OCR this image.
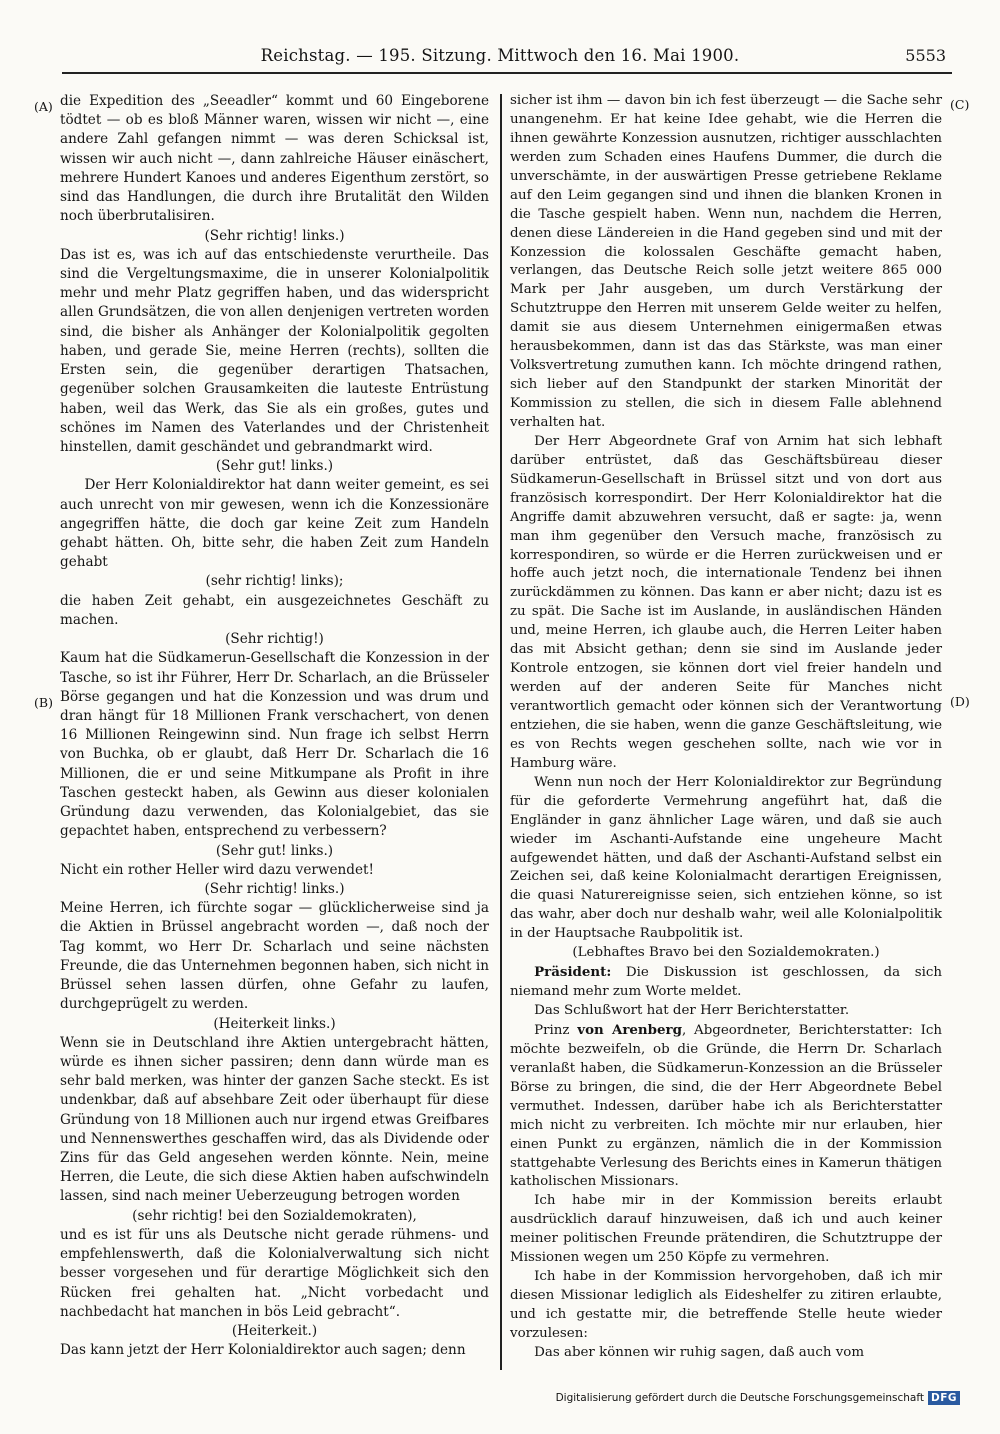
Reichstag. — 195. Sitzung. Mittwoch den 16. Mai 1900.	5553
(A)
(B)
(C)
(D)

die Expedition des „Seeadler“ kommt und 60 Eingeborene tödtet — ob es bloß Männer waren, wissen wir nicht —, eine andere Zahl gefangen nimmt — was deren Schicksal ist, wissen wir auch nicht —, dann zahlreiche Häuser einäschert, mehrere Hundert Kanoes und anderes Eigenthum zerstört, so sind das Handlungen, die durch ihre Brutalität den Wilden noch überbrutalisiren.

(Sehr richtig! links.)

Das ist es, was ich auf das entschiedenste verurtheile. Das sind die Vergeltungsmaxime, die in unserer Kolonialpolitik mehr und mehr Platz gegriffen haben, und das widerspricht allen Grundsätzen, die von allen denjenigen vertreten worden sind, die bisher als Anhänger der Kolonialpolitik gegolten haben, und gerade Sie, meine Herren (rechts), sollten die Ersten sein, die gegenüber derartigen Thatsachen, gegenüber solchen Grausamkeiten die lauteste Entrüstung haben, weil das Werk, das Sie als ein großes, gutes und schönes im Namen des Vaterlandes und der Christenheit hinstellen, damit geschändet und gebrandmarkt wird.

(Sehr gut! links.)

Der Herr Kolonialdirektor hat dann weiter gemeint, es sei auch unrecht von mir gewesen, wenn ich die Konzessionäre angegriffen hätte, die doch gar keine Zeit zum Handeln gehabt hätten. Oh, bitte sehr, die haben Zeit zum Handeln gehabt

(sehr richtig! links);

die haben Zeit gehabt, ein ausgezeichnetes Geschäft zu machen.

(Sehr richtig!)

Kaum hat die Südkamerun-Gesellschaft die Konzession in der Tasche, so ist ihr Führer, Herr Dr. Scharlach, an die Brüsseler Börse gegangen und hat die Konzession und was drum und dran hängt für 18 Millionen Frank verschachert, von denen 16 Millionen Reingewinn sind. Nun frage ich selbst Herrn von Buchka, ob er glaubt, daß Herr Dr. Scharlach die 16 Millionen, die er und seine Mitkumpane als Profit in ihre Taschen gesteckt haben, als Gewinn aus dieser kolonialen Gründung dazu verwenden, das Kolonialgebiet, das sie gepachtet haben, entsprechend zu verbessern?

(Sehr gut! links.)

Nicht ein rother Heller wird dazu verwendet!

(Sehr richtig! links.)

Meine Herren, ich fürchte sogar — glücklicherweise sind ja die Aktien in Brüssel angebracht worden —, daß noch der Tag kommt, wo Herr Dr. Scharlach und seine nächsten Freunde, die das Unternehmen begonnen haben, sich nicht in Brüssel sehen lassen dürfen, ohne Gefahr zu laufen, durchgeprügelt zu werden.

(Heiterkeit links.)

Wenn sie in Deutschland ihre Aktien untergebracht hätten, würde es ihnen sicher passiren; denn dann würde man es sehr bald merken, was hinter der ganzen Sache steckt. Es ist undenkbar, daß auf absehbare Zeit oder überhaupt für diese Gründung von 18 Millionen auch nur irgend etwas Greifbares und Nennenswerthes geschaffen wird, das als Dividende oder Zins für das Geld angesehen werden könnte. Nein, meine Herren, die Leute, die sich diese Aktien haben aufschwindeln lassen, sind nach meiner Ueberzeugung betrogen worden

(sehr richtig! bei den Sozialdemokraten),

und es ist für uns als Deutsche nicht gerade rühmens- und empfehlenswerth, daß die Kolonialverwaltung sich nicht besser vorgesehen und für derartige Möglichkeit sich den Rücken frei gehalten hat. „Nicht vorbedacht und nachbedacht hat manchen in bös Leid gebracht“.

(Heiterkeit.)

Das kann jetzt der Herr Kolonialdirektor auch sagen; denn

sicher ist ihm — davon bin ich fest überzeugt — die Sache sehr unangenehm. Er hat keine Idee gehabt, wie die Herren die ihnen gewährte Konzession ausnutzen, richtiger ausschlachten werden zum Schaden eines Haufens Dummer, die durch die unverschämte, in der auswärtigen Presse getriebene Reklame auf den Leim gegangen sind und ihnen die blanken Kronen in die Tasche gespielt haben. Wenn nun, nachdem die Herren, denen diese Ländereien in die Hand gegeben sind und mit der Konzession die kolossalen Geschäfte gemacht haben, verlangen, das Deutsche Reich solle jetzt weitere 865 000 Mark per Jahr ausgeben, um durch Verstärkung der Schutztruppe den Herren mit unserem Gelde weiter zu helfen, damit sie aus diesem Unternehmen einigermaßen etwas herausbekommen, dann ist das das Stärkste, was man einer Volksvertretung zumuthen kann. Ich möchte dringend rathen, sich lieber auf den Standpunkt der starken Minorität der Kommission zu stellen, die sich in diesem Falle ablehnend verhalten hat.

Der Herr Abgeordnete Graf von Arnim hat sich lebhaft darüber entrüstet, daß das Geschäftsbüreau dieser Südkamerun-Gesellschaft in Brüssel sitzt und von dort aus französisch korrespondirt. Der Herr Kolonialdirektor hat die Angriffe damit abzuwehren versucht, daß er sagte: ja, wenn man ihm gegenüber den Versuch mache, französisch zu korrespondiren, so würde er die Herren zurückweisen und er hoffe auch jetzt noch, die internationale Tendenz bei ihnen zurückdämmen zu können. Das kann er aber nicht; dazu ist es zu spät. Die Sache ist im Auslande, in ausländischen Händen und, meine Herren, ich glaube auch, die Herren Leiter haben das mit Absicht gethan; denn sie sind im Auslande jeder Kontrole entzogen, sie können dort viel freier handeln und werden auf der anderen Seite für Manches nicht verantwortlich gemacht oder können sich der Verantwortung entziehen, die sie haben, wenn die ganze Geschäftsleitung, wie es von Rechts wegen geschehen sollte, nach wie vor in Hamburg wäre.

Wenn nun noch der Herr Kolonialdirektor zur Begründung für die geforderte Vermehrung angeführt hat, daß die Engländer in ganz ähnlicher Lage wären, und daß sie auch wieder im Aschanti-Aufstande eine ungeheure Macht aufgewendet hätten, und daß der Aschanti-Aufstand selbst ein Zeichen sei, daß keine Kolonialmacht derartigen Ereignissen, die quasi Naturereignisse seien, sich entziehen könne, so ist das wahr, aber doch nur deshalb wahr, weil alle Kolonialpolitik in der Hauptsache Raubpolitik ist.

(Lebhaftes Bravo bei den Sozialdemokraten.)

Präsident: Die Diskussion ist geschlossen, da sich niemand mehr zum Worte meldet.

Das Schlußwort hat der Herr Berichterstatter.

Prinz von Arenberg, Abgeordneter, Berichterstatter: Ich möchte bezweifeln, ob die Gründe, die Herrn Dr. Scharlach veranlaßt haben, die Südkamerun-Konzession an die Brüsseler Börse zu bringen, die sind, die der Herr Abgeordnete Bebel vermuthet. Indessen, darüber habe ich als Berichterstatter mich nicht zu verbreiten. Ich möchte mir nur erlauben, hier einen Punkt zu ergänzen, nämlich die in der Kommission stattgehabte Verlesung des Berichts eines in Kamerun thätigen katholischen Missionars.

Ich habe mir in der Kommission bereits erlaubt ausdrücklich darauf hinzuweisen, daß ich und auch keiner meiner politischen Freunde prätendiren, die Schutztruppe der Missionen wegen um 250 Köpfe zu vermehren.

Ich habe in der Kommission hervorgehoben, daß ich mir diesen Missionar lediglich als Eideshelfer zu zitiren erlaubte, und ich gestatte mir, die betreffende Stelle heute wieder vorzulesen:

Das aber können wir ruhig sagen, daß auch vom

Digitalisierung gefördert durch die Deutsche Forschungsgemeinschaft DFG
